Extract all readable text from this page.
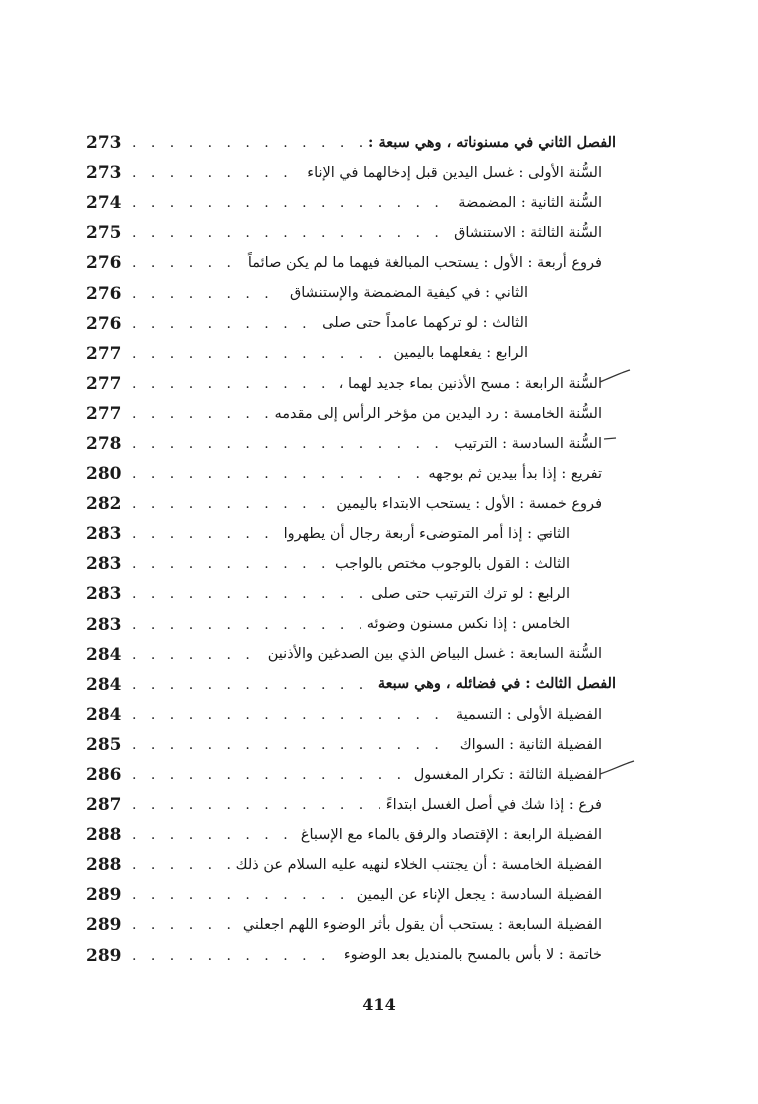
273	الفصل الثاني في مسنوناته ، وهي سبعة :
. . .
273	السُّنة الأولى : غسل اليدين قبل إدخالهما في الإناء
. . .
274	السُّنة الثانية : المضمضة
. . .
275	السُّنة الثالثة : الاستنشاق
. . .
276	فروع أربعة : الأول : يستحب المبالغة فيهما ما لم يكن صائماً
. . .
276	الثاني : في كيفية المضمضة والإستنشاق
. . .
276	الثالث : لو تركهما عامداً حتى صلى
. . .
277	الرابع : يفعلهما باليمين
. . .
277	السُّنة الرابعة : مسح الأذنين بماء جديد لهما ،
. . .
277	السُّنة الخامسة : رد اليدين من مؤخر الرأس إلى مقدمه
. . .
278	السُّنة السادسة : الترتيب
. . .
280	تفريع : إذا بدأ بيدين ثم بوجهه
. . .
282	فروع خمسة : الأول : يستحب الابتداء باليمين
. . .
283	الثاني : إذا أمر المتوضىء أربعة رجال أن يطهروا
. . .
283	الثالث : القول بالوجوب مختص بالواجب
. . .
283	الرابع : لو ترك الترتيب حتى صلى
. . .
283	الخامس : إذا نكس مسنون وضوئه
. . .
284	السُّنة السابعة : غسل البياض الذي بين الصدغين والأذنين
. . .
284	الفصل الثالث : في فضائله ، وهي سبعة
. . .
284	الفضيلة الأولى : التسمية
. . .
285	الفضيلة الثانية : السواك
. . .
286	الفضيلة الثالثة : تكرار المغسول
. . .
287	فرع : إذا شك في أصل الغسل ابتداءً
. . .
288	الفضيلة الرابعة : الإقتصاد والرفق بالماء مع الإسباغ
. . .
288	الفضيلة الخامسة : أن يجتنب الخلاء لنهيه عليه السلام عن ذلك
. . .
289	الفضيلة السادسة : يجعل الإناء عن اليمين
. . .
289	الفضيلة السابعة : يستحب أن يقول بأثر الوضوء اللهم اجعلني
. . .
289	خاتمة : لا بأس بالمسح بالمنديل بعد الوضوء
. . .
414
